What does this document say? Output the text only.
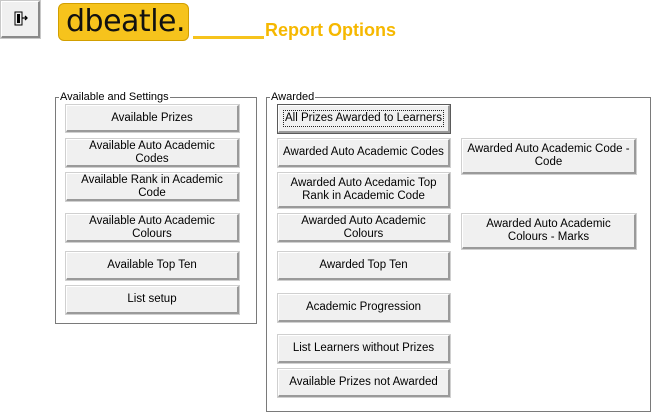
dbeatle.	Report Options
Available and Settings
Available Prizes
Available Auto Academic Codes
Available Rank in Academic Code
Available Auto Academic Colours
Available Top Ten
List setup
Awarded
All Prizes Awarded to Learners
Awarded Auto Academic Codes
Awarded Auto Acedamic Top Rank in Academic Code
Awarded Auto Academic Colours
Awarded Top Ten
Academic Progression
List Learners without Prizes
Available Prizes not Awarded
Awarded Auto Academic Code - Code
Awarded Auto Academic Colours - Marks
